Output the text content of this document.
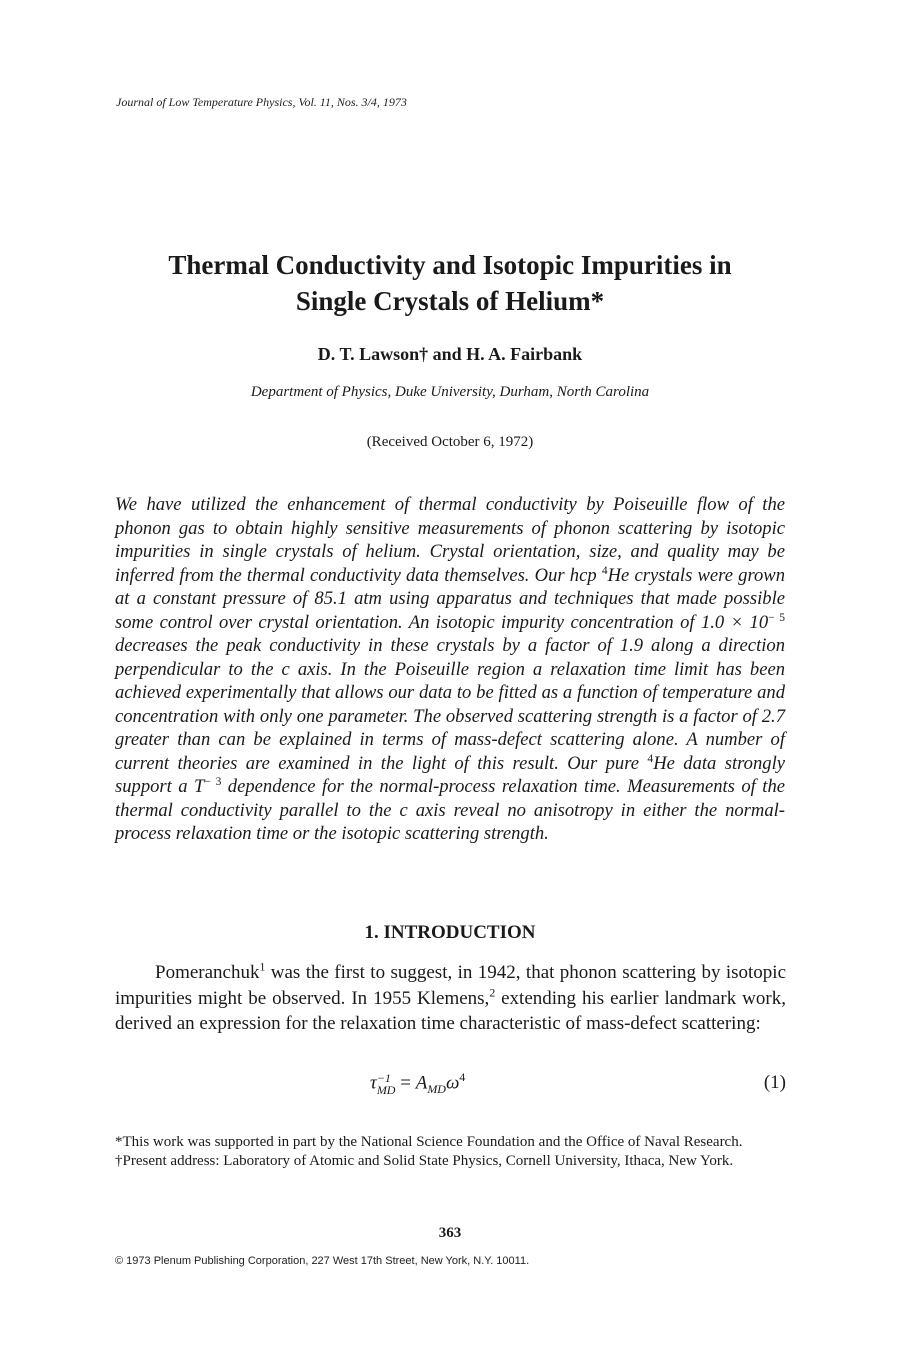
Journal of Low Temperature Physics, Vol. 11, Nos. 3/4, 1973
Thermal Conductivity and Isotopic Impurities in
Single Crystals of Helium*
D. T. Lawson† and H. A. Fairbank
Department of Physics, Duke University, Durham, North Carolina
(Received October 6, 1972)

We have utilized the enhancement of thermal conductivity by Poiseuille flow of the phonon gas to obtain highly sensitive measurements of phonon scattering by isotopic impurities in single crystals of helium. Crystal orientation, size, and quality may be inferred from the thermal conductivity data themselves. Our hcp $^4$He crystals were grown at a constant pressure of 85.1 atm using apparatus and techniques that made possible some control over crystal orientation. An isotopic impurity concentration of $1.0 \times 10^{- 5}$ decreases the peak conductivity in these crystals by a factor of 1.9 along a direction perpendicular to the c axis. In the Poiseuille region a relaxation time limit has been achieved experimentally that allows our data to be fitted as a function of temperature and concentration with only one parameter. The observed scattering strength is a factor of 2.7 greater than can be explained in terms of mass-defect scattering alone. A number of current theories are examined in the light of this result. Our pure $^4$He data strongly support a $T^{- 3}$ dependence for the normal-process relaxation time. Measurements of the thermal conductivity parallel to the c axis reveal no anisotropy in either the normal-process relaxation time or the isotopic scattering strength.

1. INTRODUCTION

Pomeranchuk$^1$ was the first to suggest, in 1942, that phonon scattering by isotopic impurities might be observed. In 1955 Klemens,$^2$ extending his earlier landmark work, derived an expression for the relaxation time characteristic of mass-defect scattering:

τ −1
MD = $A_{MD}\omega^4$	(1)

*This work was supported in part by the National Science Foundation and the Office of Naval Research.

†Present address: Laboratory of Atomic and Solid State Physics, Cornell University, Ithaca, New York.

363
© 1973 Plenum Publishing Corporation, 227 West 17th Street, New York, N.Y. 10011.
